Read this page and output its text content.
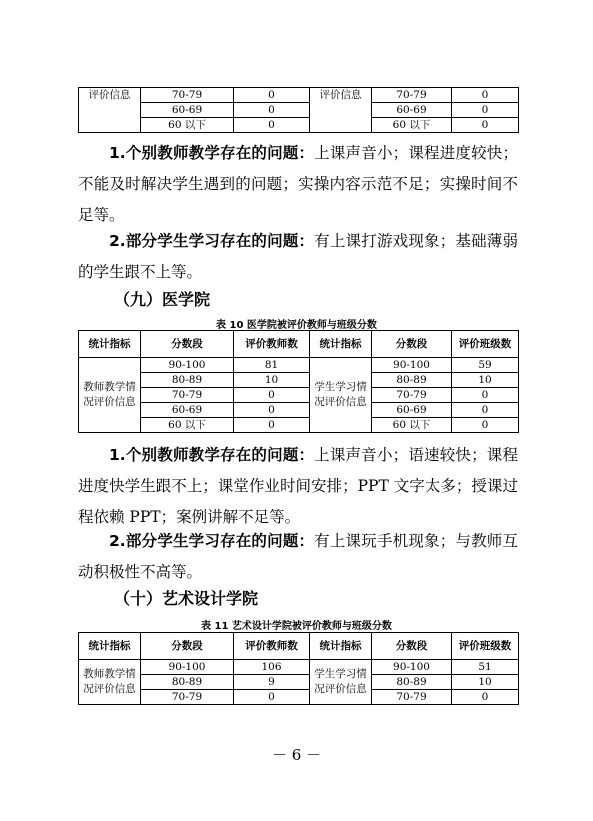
评价信息	70-79	0	评价信息	70-79	0
	60-69	0		60-69	0
	60 以下	0		60 以下	0
1.个别教师教学存在的问题：上课声音小；课程进度较快；不能及时解决学生遇到的问题；实操内容示范不足；实操时间不足等。
2.部分学生学习存在的问题：有上课打游戏现象；基础薄弱的学生跟不上等。
（九）医学院
表 10 医学院被评价教师与班级分数
统计指标	分数段	评价教师数	统计指标	分数段	评价班级数
教师教学情况评价信息	90-100	81	学生学习情况评价信息	90-100	59
	80-89	10		80-89	10
	70-79	0		70-79	0
	60-69	0		60-69	0
	60 以下	0		60 以下	0
1.个别教师教学存在的问题：上课声音小；语速较快；课程进度快学生跟不上；课堂作业时间安排；PPT 文字太多；授课过程依赖 PPT；案例讲解不足等。
2.部分学生学习存在的问题：有上课玩手机现象；与教师互动积极性不高等。
（十）艺术设计学院
表 11 艺术设计学院被评价教师与班级分数
统计指标	分数段	评价教师数	统计指标	分数段	评价班级数
教师教学情况评价信息	90-100	106	学生学习情况评价信息	90-100	51
	80-89	9		80-89	10
	70-79	0		70-79	0
－ 6 －
